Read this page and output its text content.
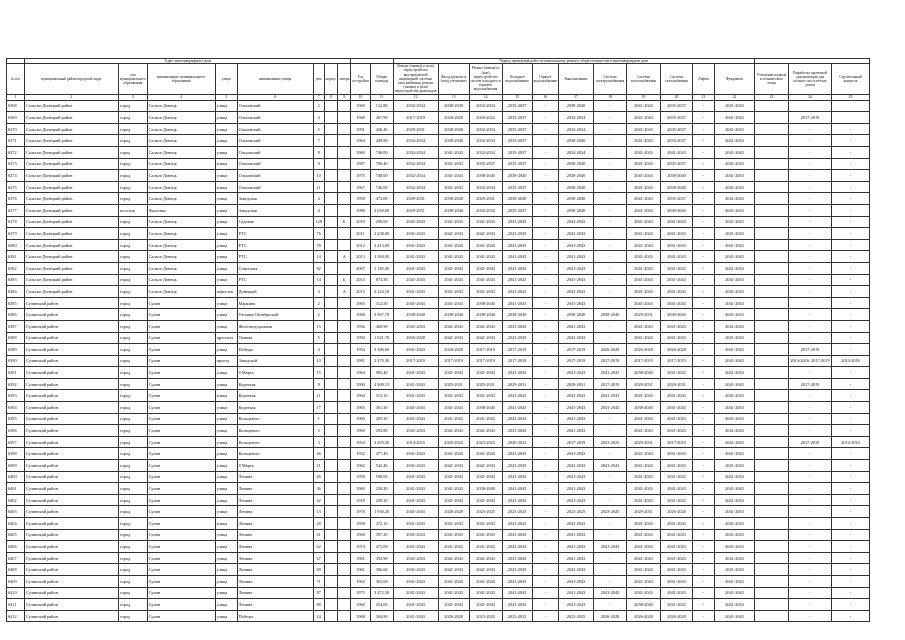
	Адрес многоквартирного дома										Период проведения работ по капитальному ремонту общего имущества в многоквартирном доме													
№ п/п	муниципальный район/городской округ	тип муниципального образования	наименование муниципального образования	улица	наименование улицы	дом	корпус	литера	Год постройки	Общая площадь	Ремонт (замена) и (или) переустройство внутридомовой инженерной системы газоснабжения, ремонт (замена) и (или) переустройство дымоходов	Фасад (ремонт и (или) утепление)	Ремонт (замена) и (или) переустройство систем холодного и горячего водоснабжения	Холодное водоснабжение	Горячее водоснабжение	Канализование	Система электроснабжения	Система теплоснабжения	Система газоснабжения	Лифты	Фундамент	Утепление подвала и технического этажа	Разработка проектной документации для полного сноса ветхих домов	Строительный контроль
1	2	3	4	5	6	7	8	9	10	11	12	13	14	15	16	17	18	19	20	21	22	23	24	25
6368	Сальско-Донецкий район	город	Сальск-Донецк	улица	Ольховский	2			1969	132,80	2032-2034	2038-2040	2032-2034	2035-2037	-	2038-2040	-	2041-2043	2035-2037	-	2041-2043			
6369	Сальско-Донецкий район	город	Сальск-Донецк	улица	Ольховский	4			1969	467,90	2017-2019	2026-2028	2020-2022	2035-2037	-	2032-2034	-	2041-2043	2035-2037	-	2041-2043		2017-2019	
6370	Сальско-Донецкий район	город	Сальск-Донецк	улица	Ольховский	5			1991	436,40	2029-2031	2038-2040	2032-2034	2035-2037	-	2032-2034	-	2041-2043	2035-2037	-	2041-2043		-	-
6371	Сальско-Донецкий район	город	Сальск-Донецк	улица	Ольховский	7			1964	449,90	2032-2034	2038-2040	2032-2034	2035-2037	-	2038-2040	-	2041-2043	2035-2037	-	2041-2043		-	-
6372	Сальско-Донецкий район	город	Сальск-Донецк	улица	Ольховский	8			1960	746,00	2032-2034	2041-2043	2032-2034	2035-2037	-	2032-2034	-	2041-2043	2041-2043	-	2041-2043		-	-
6373	Сальско-Донецкий район	город	Сальск-Донецк	улица	Ольховский	9			1987	796,40	2032-2034	2041-2043	2035-2037	2035-2037	-	2038-2040	-	2041-2043	2035-2037	-	2041-2043		-	-
6374	Сальско-Донецкий район	город	Сальск-Донецк	улица	Ольховский	10			1975	748,00	2032-2034	2041-2043	2038-2040	2038-2040	-	2038-2040	-	2041-2043	2038-2040	-	2041-2043		-	-
6375	Сальско-Донецкий район	город	Сальск-Донецк	улица	Ольховский	11			1967	746,00	2032-2034	2041-2043	2032-2034	2035-2037	-	2038-2040	-	2041-2043	2038-2040	-	2041-2043		-	-
6376	Сальско-Донецкий район	город	Сальск-Донецк	улица	Заводская	4			1958	473,00	2029-2031	2038-2040	2029-2031	2038-2040	-	2038-2040	-	2041-2043	2035-2037	-	2041-2043		-	-
6377	Сальско-Донецкий район	поселок	Чкаловка	улица	Заводская	4			1980	2 650,00	2029-2031	2038-2040	2032-2034	2035-2037	-	2038-2040	-	2041-2043	2038-2040	-	2041-2043		-	-
6378	Сальско-Донецкий район	город	Сальск-Донецк	улица	Садовая	128		Б	2010	290,00	2041-2043	2041-2043	2041-2043	2041-2043	-	2041-2043	-	2041-2043	2041-2043	-	2041-2043		-	-
6379	Сальско-Донецкий район	город	Сальск-Донецк	улица	РТС	76			2011	2 238,00	2041-2043	2041-2043	2041-2043	2041-2043	-	2041-2043	-	2041-2043	2041-2043	-	2041-2043		-	-
6380	Сальско-Донецкий район	город	Сальск-Донецк	улица	РТС	78			2012	2 413,00	2041-2043	2041-2043	2041-2043	2041-2043	-	2041-2043	-	2041-2043	2041-2043	-	2041-2043		-	-
6381	Сальско-Донецкий район	город	Сальск-Донецк	улица	РТС	14		А	2013	1 384,00	2041-2043	2041-2043	2041-2043	2041-2043	-	2041-2043	-	2041-2043	2041-2043	-	2041-2043		-	-
6382	Сальско-Донецкий район	город	Сальск-Донецк	улица	Советская	82			2007	1 185,00	2041-2043	2041-2043	2041-2043	2041-2043	-	2041-2043	-	2041-2043	2041-2043	-	2041-2043		-	-
6383	Сальско-Донецкий район	город	Сальск-Донецк	улица	РТС	14		Б	2014	873,50	2041-2043	2041-2043	2041-2043	2041-2043	-	2041-2043	-	2041-2043	2041-2043	-	2041-2043		-	-
6384	Сальско-Донецкий район	город	Сальск-Донецк	переулок	Донецкой	3		А	2015	2 224,10	2041-2043	2041-2043	2041-2043	2041-2043	-	2041-2043	-	2041-2043	2041-2043	-	2041-2043		-	-
6385	Сулинский район	город	Сулин	улица	Маркина	2			1965	312,50	2041-2043	2041-2043	2038-2040	2041-2043	-	2041-2043	-	2041-2043	2041-2043	-	2041-2043		-	-
6386	Сулинский район	город	Сулин	улица	Татьяны Октябрьской	2			1968	3 967,70	2038-2040	2038-2040	2038-2040	2038-2040	-	2038-2040	2038-2040	2029-2031	2038-2040	-	2041-2043		-	-
6387	Сулинский район	город	Сулин	улица	Железнодорожная	15			1956	460,90	2041-2043	2041-2043	2041-2043	2041-2043	-	2041-2043	-	2041-2043	2041-2043	-	2041-2043		-	-
6388	Сулинский район	город	Сулин	проспект	Тимика	5			1994	1 021,70	2026-2028	2041-2043	2041-2043	2041-2043	-	2041-2043	-	2041-2043	2041-2043	-	2041-2043		-	-
6389	Сулинский район	город	Сулин	улица	Победы	4			1954	3 386,60	2041-2043	2026-2028	2017-2019	2017-2019	-	2017-2019	2026-2028	2026-2028	2026-2028	-	2041-2043		2017-2019	-
6390	Сулинский район	город	Сулин	проезд	Заводской	10			1981	2 470,30	2017-2019	2017-2019	2017-2019	2017-2019	-	2017-2019	2017-2019	2017-2019	2017-2019	-	2041-2043		2014-2016, 2017-2019	2014-2016
6391	Сулинский район	город	Сулин	улица	8 Марта	15			1964	983,40	2041-2043	2041-2043	2041-2043	2041-2043	-	2041-2043	2041-2043	2038-2040	2041-2043	-	2041-2043		-	-
6392	Сулинский район	город	Сулин	улица	Короткая	8			1900	4 900,13	2041-2043	2029-2031	2029-2031	2029-2031	-	2029-2031	2017-2019	2029-2031	2029-2031	-	2041-2043		2017-2019	-
6393	Сулинский район	город	Сулин	улица	Короткая	11			1964	313,10	2041-2043	2041-2043	2041-2043	2041-2043	-	2041-2043	2041-2043	2041-2043	2041-2043	-	2041-2043		-	-
6394	Сулинский район	город	Сулин	улица	Короткая	17			1903	361,30	2041-2043	2041-2043	2038-2040	2041-2043	-	2041-2043	2041-2043	2038-2040	2041-2043	-	2041-2043		-	-
6395	Сулинский район	город	Сулин	улица	Кольцевого	1			1960	285,20	2041-2043	2041-2043	2041-2043	2041-2043	-	2041-2043	-	2041-2043	2041-2043	-	2041-2043		-	-
6396	Сулинский район	город	Сулин	улица	Кольцевого	5			1960	293,80	2041-2043	2041-2043	2041-2043	2041-2043	-	2041-2043	-	2041-2043	2041-2043	-	2041-2043		-	-
6397	Сулинский район	город	Сулин	улица	Кольцевого	3			1954	3 295,30	2014-2016	2020-2022	2023-2025	2020-2022	-	2017-2019	2023-2025	2029-2031	2017-2019	-	2041-2043		2017-2019	2014-2016
6398	Сулинский район	город	Сулин	улица	Кольцевого	46			1952	477,40	2041-2043	2041-2043	2041-2043	2041-2043	-	2041-2043	-	2041-2043	2041-2043	-	2041-2043		-	-
6399	Сулинский район	город	Сулин	улица	8 Марта	21			1962	542,40	2041-2043	2041-2043	2041-2043	2041-2043	-	2041-2043	2041-2043	2041-2043	2041-2043	-	2041-2043		-	-
6400	Сулинский район	город	Сулин	улица	Ленина	26			1958	598,00	2041-2043	2041-2043	2041-2043	2041-2043	-	2041-2043	-	2041-2043	2041-2043	-	2041-2043		-	-
6401	Сулинский район	город	Сулин	улица	Ленина	36			1960	230,20	2041-2043	2041-2043	2038-2040	2041-2043	-	2041-2043	-	2041-2043	2041-2043	-	2041-2043		-	-
6402	Сулинский район	город	Сулин	улица	Ленина	42			1918	239,20	2041-2043	2041-2043	2041-2043	2041-2043	-	2041-2043	-	2041-2043	2041-2043	-	2041-2043		-	-
6403	Сулинский район	город	Сулин	улица	Ленина	13			1978	1 930,20	2041-2043	2026-2028	2023-2025	2023-2025	-	2023-2025	2023-2025	2029-2031	2026-2028	-	2041-2043		-	-
6404	Сулинский район	город	Сулин	улица	Ленина	28			1958	472,10	2041-2043	2041-2043	2041-2043	2041-2043	-	2041-2043	-	2041-2043	2041-2043	-	2041-2043		-	-
6405	Сулинский район	город	Сулин	улица	Ленина	61			1960	397,20	2041-2043	2041-2043	2041-2043	2041-2043	-	2041-2043	-	2041-2043	2041-2043	-	2041-2043		-	-
6406	Сулинский район	город	Сулин	улица	Ленина	62			1974	473,00	2041-2043	2041-2043	2041-2043	2041-2043	-	2041-2043	2041-2043	2041-2043	2041-2043	-	2041-2043		-	-
6407	Сулинский район	город	Сулин	улица	Ленина	67			1961	392,90	2041-2043	2041-2043	2041-2043	2041-2043	-	2041-2043	-	2041-2043	2041-2043	-	2041-2043		-	-
6408	Сулинский район	город	Сулин	улица	Ленина	69			1961	306,60	2041-2043	2041-2043	2041-2043	2041-2043	-	2041-2043	-	2041-2043	2041-2043	-	2041-2043		-	-
6409	Сулинский район	город	Сулин	улица	Ленина	71			1962	363,00	2041-2043	2041-2043	2041-2043	2041-2043	-	2041-2043	-	2041-2043	2041-2043	-	2041-2043		-	-
6410	Сулинский район	город	Сулин	улица	Ленина	87			1975	3 472,50	2041-2043	2041-2043	2041-2043	2041-2043	-	2041-2043	2041-2043	2041-2043	2041-2043	-	2041-2043		-	-
6411	Сулинский район	город	Сулин	улица	Ленина	88			1960	254,00	2041-2043	2041-2043	2041-2043	2041-2043	-	2041-2043	-	2038-2040	2041-2043	-	2041-2043		-	-
6412	Сулинский район	город	Сулин	улица	Победы	24			1968	304,90	2041-2043	2026-2028	2023-2025	2023-2025	-	2023-2025	2026-2028	2026-2028	2026-2028	-	2041-2043		-	-
